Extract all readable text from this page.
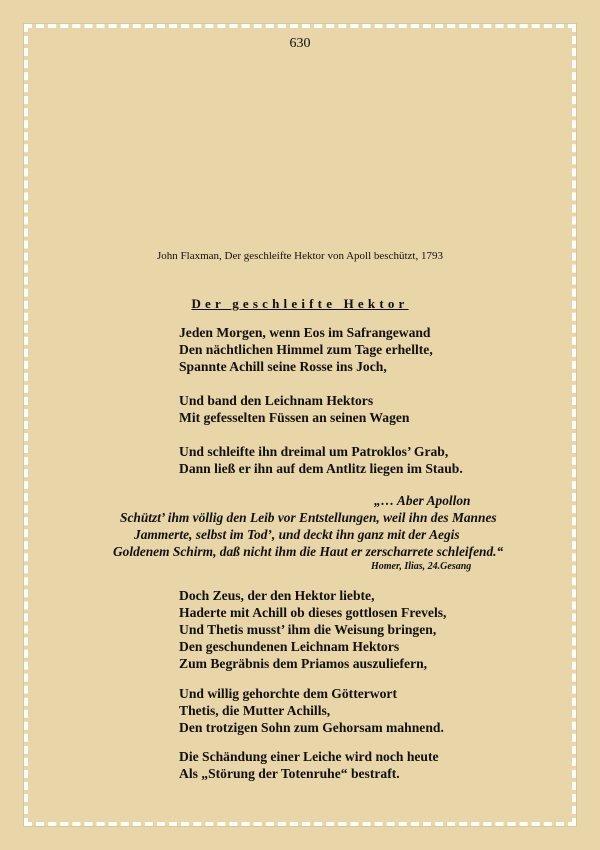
630
John Flaxman, Der geschleifte Hektor von Apoll beschützt, 1793
Der geschleifte Hektor
Jeden Morgen, wenn Eos im Safrangewand
Den nächtlichen Himmel zum Tage erhellte,
Spannte Achill seine Rosse ins Joch,
Und band den Leichnam Hektors
Mit gefesselten Füssen an seinen Wagen
Und schleifte ihn dreimal um Patroklos’ Grab,
Dann ließ er ihn auf dem Antlitz liegen im Staub.
„… Aber Apollon
Schützt’ ihm völlig den Leib vor Entstellungen, weil ihn des Mannes
Jammerte, selbst im Tod’, und deckt ihn ganz mit der Aegis
Goldenem Schirm, daß nicht ihm die Haut er zerscharrete schleifend.“
Homer, Ilias, 24.Gesang
Doch Zeus, der den Hektor liebte,
Haderte mit Achill ob dieses gottlosen Frevels,
Und Thetis musst’ ihm die Weisung bringen,
Den geschundenen Leichnam Hektors
Zum Begräbnis dem Priamos auszuliefern,
Und willig gehorchte dem Götterwort
Thetis, die Mutter Achills,
Den trotzigen Sohn zum Gehorsam mahnend.
Die Schändung einer Leiche wird noch heute
Als „Störung der Totenruhe“ bestraft.
